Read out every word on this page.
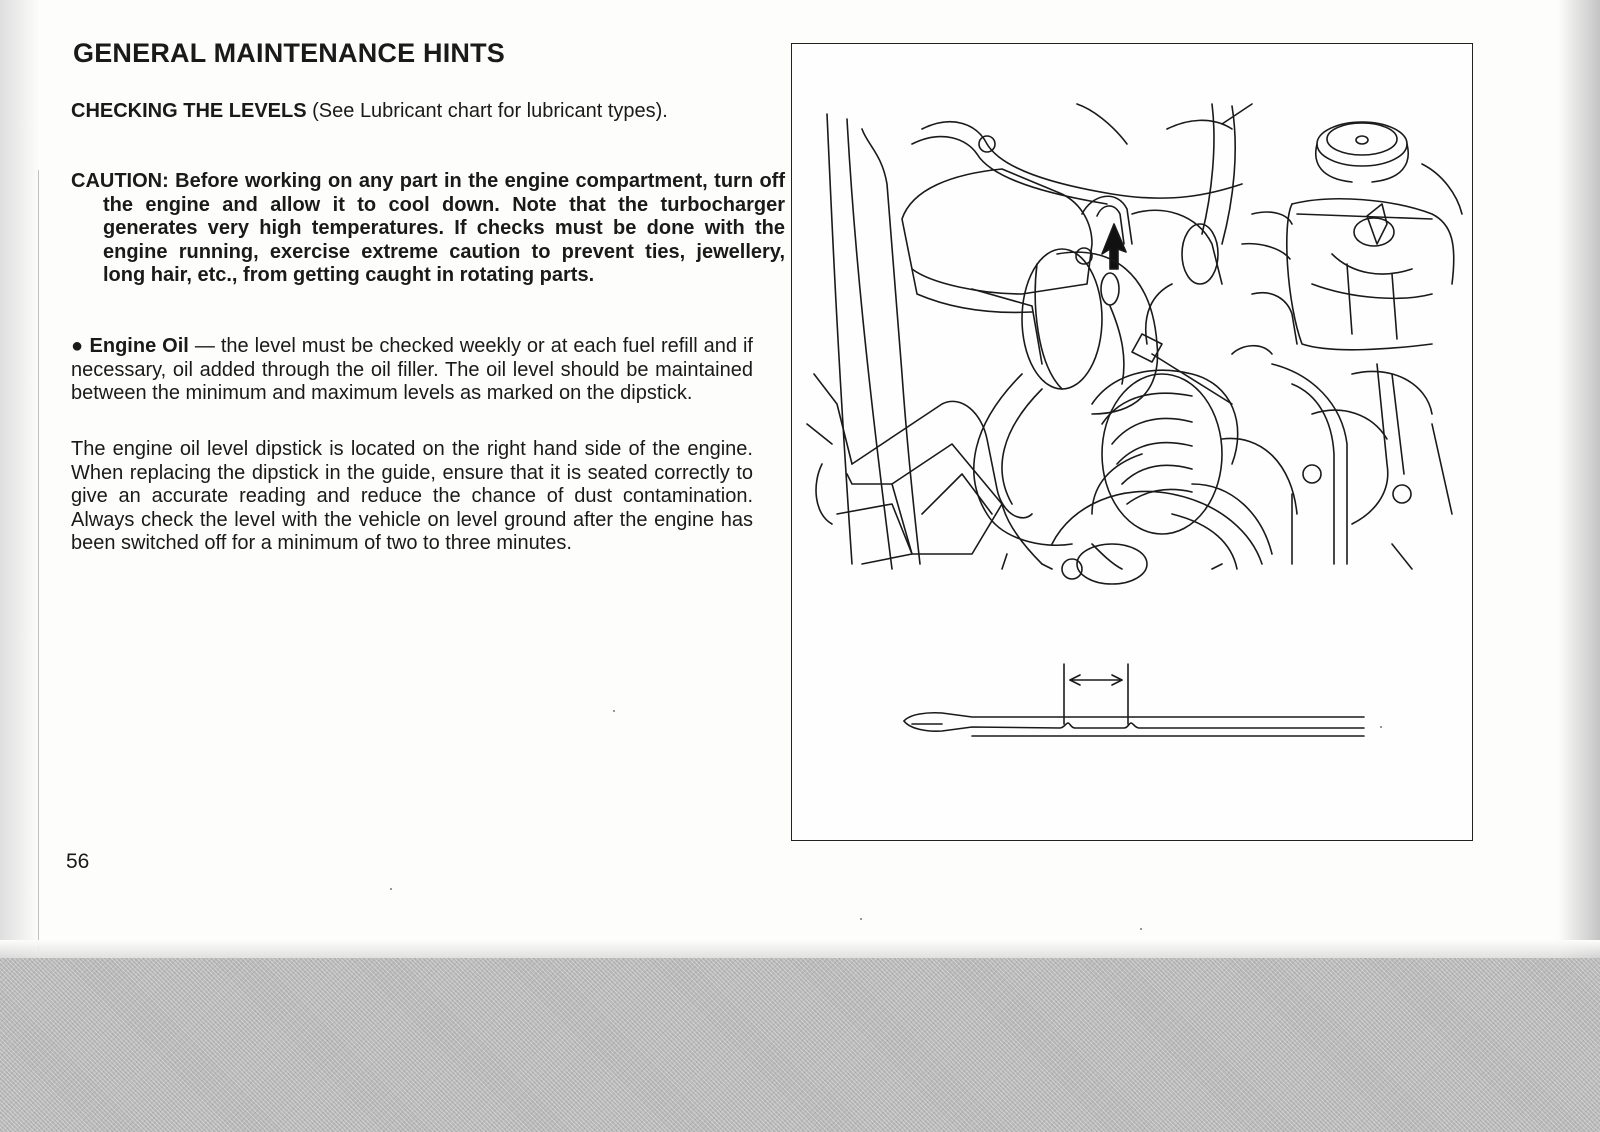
GENERAL MAINTENANCE HINTS

CHECKING THE LEVELS (See Lubricant chart for lubricant types).

CAUTION: Before working on any part in the engine compartment, turn off the engine and allow it to cool down. Note that the turbocharger generates very high temperatures. If checks must be done with the engine running, exercise extreme caution to prevent ties, jewellery, long hair, etc., from getting caught in rotating parts.

● Engine Oil — the level must be checked weekly or at each fuel refill and if necessary, oil added through the oil filler. The oil level should be maintained between the minimum and maximum levels as marked on the dipstick.

The engine oil level dipstick is located on the right hand side of the engine. When replacing the dipstick in the guide, ensure that it is seated correctly to give an accurate reading and reduce the chance of dust contamination. Always check the level with the vehicle on level ground after the engine has been switched off for a minimum of two to three minutes.

56
